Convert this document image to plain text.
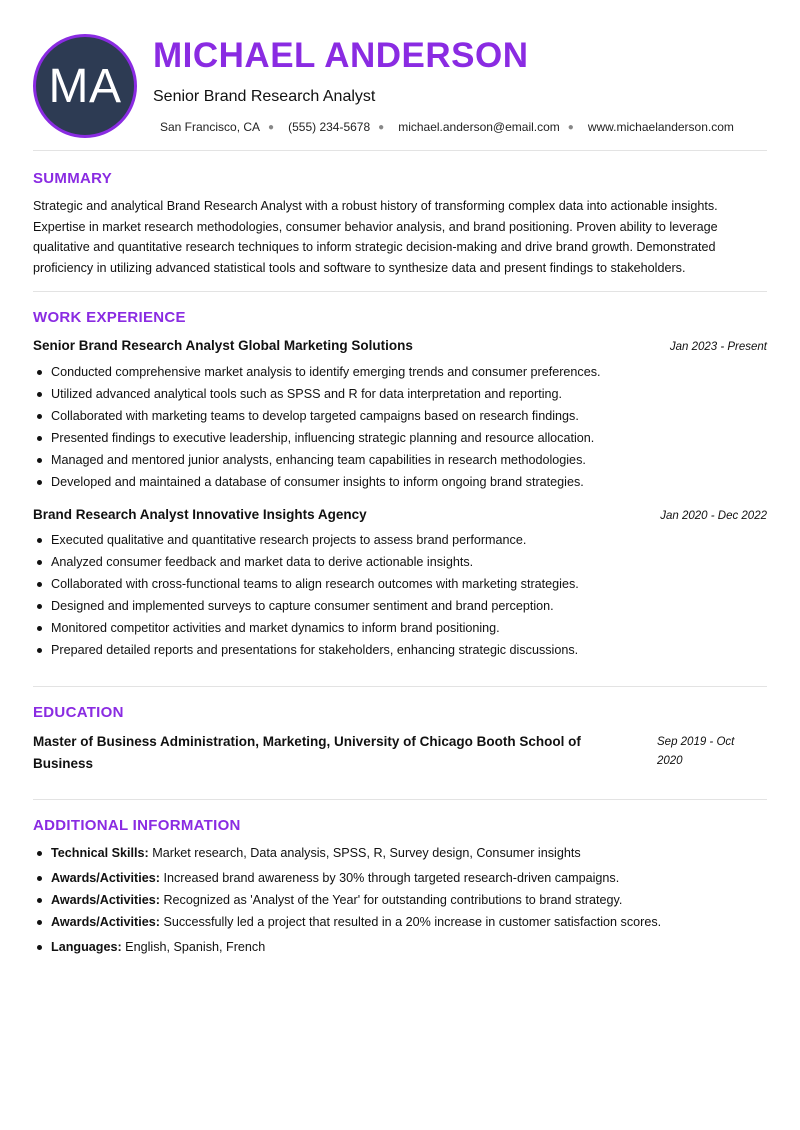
MA
MICHAEL ANDERSON
Senior Brand Research Analyst
San Francisco, CA ● (555) 234-5678 ● michael.anderson@email.com ● www.michaelanderson.com
SUMMARY

Strategic and analytical Brand Research Analyst with a robust history of transforming complex data into actionable insights. Expertise in market research methodologies, consumer behavior analysis, and brand positioning. Proven ability to leverage qualitative and quantitative research techniques to inform strategic decision-making and drive brand growth. Demonstrated proficiency in utilizing advanced statistical tools and software to synthesize data and present findings to stakeholders.

WORK EXPERIENCE
Senior Brand Research Analyst Global Marketing Solutions	Jan 2023 - Present
Conducted comprehensive market analysis to identify emerging trends and consumer preferences.
Utilized advanced analytical tools such as SPSS and R for data interpretation and reporting.
Collaborated with marketing teams to develop targeted campaigns based on research findings.
Presented findings to executive leadership, influencing strategic planning and resource allocation.
Managed and mentored junior analysts, enhancing team capabilities in research methodologies.
Developed and maintained a database of consumer insights to inform ongoing brand strategies.
Brand Research Analyst Innovative Insights Agency	Jan 2020 - Dec 2022
Executed qualitative and quantitative research projects to assess brand performance.
Analyzed consumer feedback and market data to derive actionable insights.
Collaborated with cross-functional teams to align research outcomes with marketing strategies.
Designed and implemented surveys to capture consumer sentiment and brand perception.
Monitored competitor activities and market dynamics to inform brand positioning.
Prepared detailed reports and presentations for stakeholders, enhancing strategic discussions.
EDUCATION
Master of Business Administration, Marketing, University of Chicago Booth School of Business
Sep 2019 - Oct 2020
ADDITIONAL INFORMATION
Technical Skills: Market research, Data analysis, SPSS, R, Survey design, Consumer insights
Awards/Activities: Increased brand awareness by 30% through targeted research-driven campaigns.
Awards/Activities: Recognized as 'Analyst of the Year' for outstanding contributions to brand strategy.
Awards/Activities: Successfully led a project that resulted in a 20% increase in customer satisfaction scores.
Languages: English, Spanish, French
